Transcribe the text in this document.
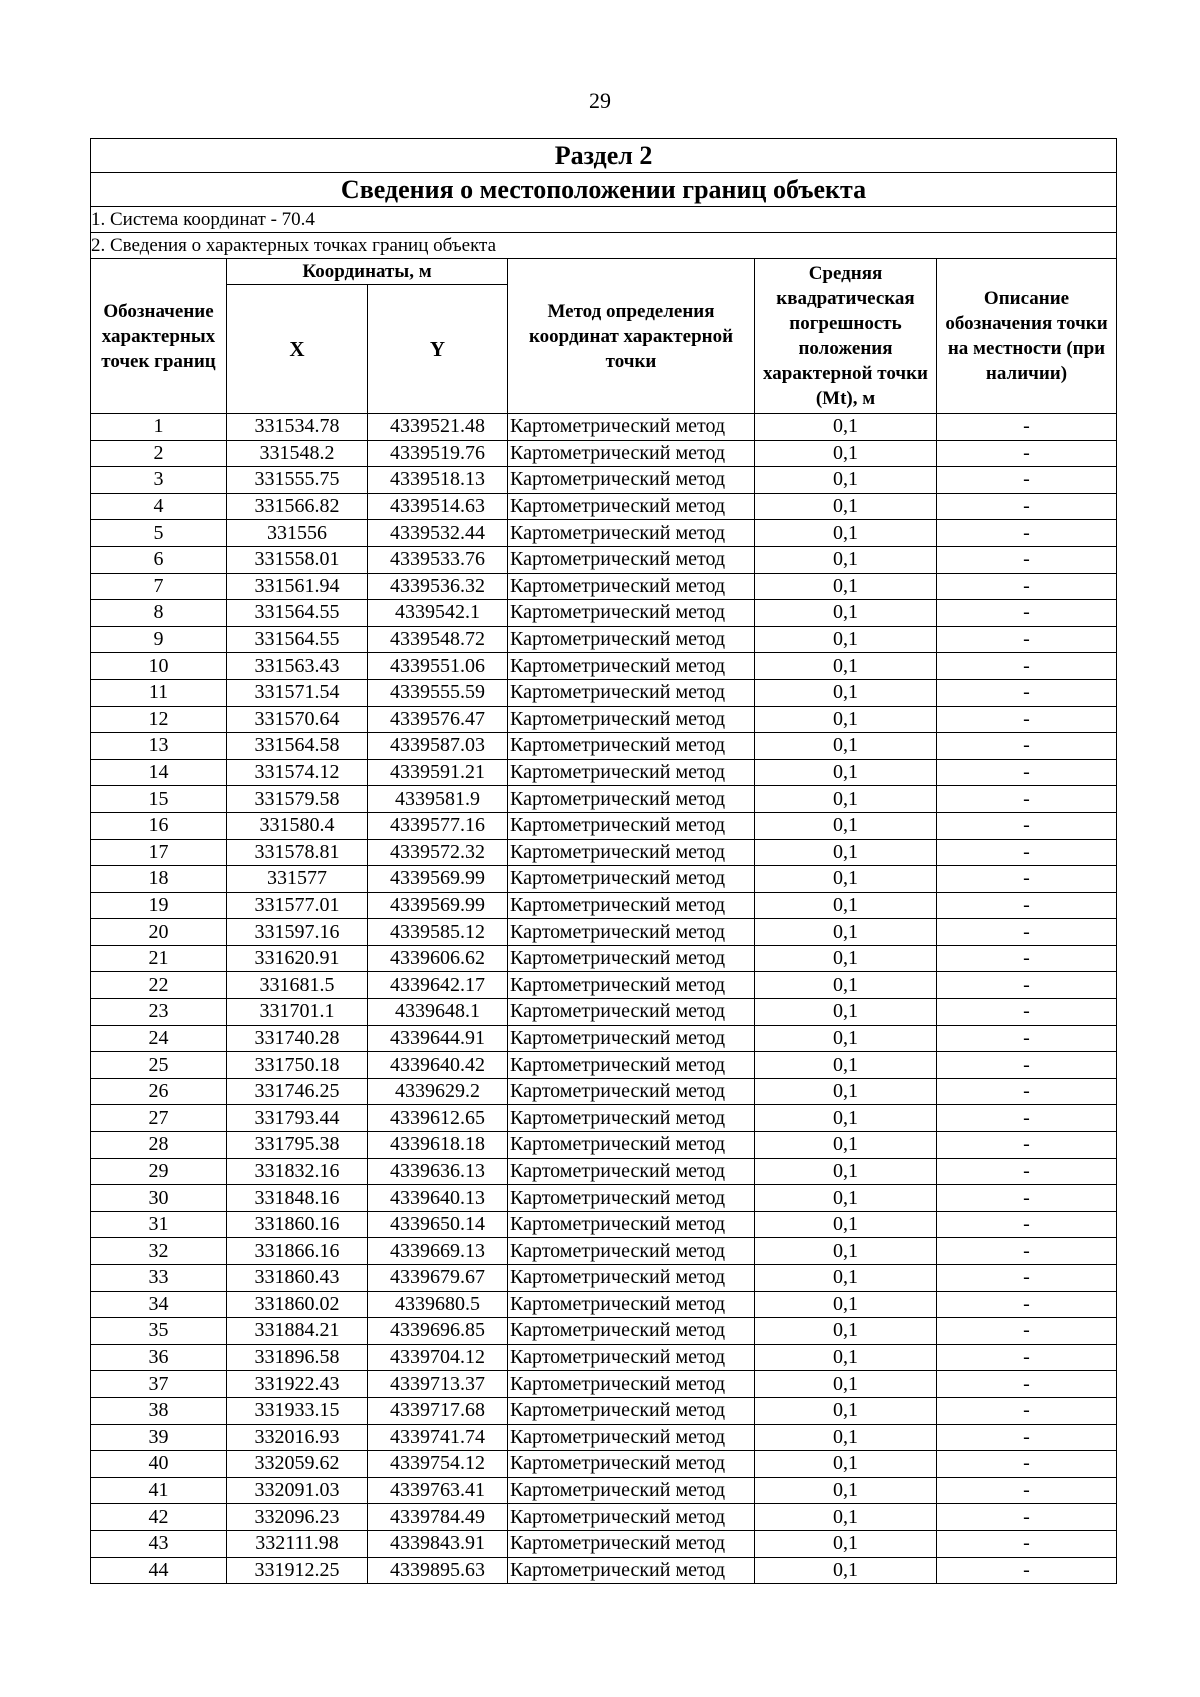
29
Раздел 2					
Сведения о местоположении границ объекта					
1. Система координат - 70.4					
2. Сведения о характерных точках границ объекта					
Обозначение характерных точек границ	Координаты, м		Метод определения координат характерной точки	Средняя квадратическая погрешность положения характерной точки (Mt), м	Описание обозначения точки на местности (при наличии)
	X	Y			
1	331534.78	4339521.48	Картометрический метод	0,1	-
2	331548.2	4339519.76	Картометрический метод	0,1	-
3	331555.75	4339518.13	Картометрический метод	0,1	-
4	331566.82	4339514.63	Картометрический метод	0,1	-
5	331556	4339532.44	Картометрический метод	0,1	-
6	331558.01	4339533.76	Картометрический метод	0,1	-
7	331561.94	4339536.32	Картометрический метод	0,1	-
8	331564.55	4339542.1	Картометрический метод	0,1	-
9	331564.55	4339548.72	Картометрический метод	0,1	-
10	331563.43	4339551.06	Картометрический метод	0,1	-
11	331571.54	4339555.59	Картометрический метод	0,1	-
12	331570.64	4339576.47	Картометрический метод	0,1	-
13	331564.58	4339587.03	Картометрический метод	0,1	-
14	331574.12	4339591.21	Картометрический метод	0,1	-
15	331579.58	4339581.9	Картометрический метод	0,1	-
16	331580.4	4339577.16	Картометрический метод	0,1	-
17	331578.81	4339572.32	Картометрический метод	0,1	-
18	331577	4339569.99	Картометрический метод	0,1	-
19	331577.01	4339569.99	Картометрический метод	0,1	-
20	331597.16	4339585.12	Картометрический метод	0,1	-
21	331620.91	4339606.62	Картометрический метод	0,1	-
22	331681.5	4339642.17	Картометрический метод	0,1	-
23	331701.1	4339648.1	Картометрический метод	0,1	-
24	331740.28	4339644.91	Картометрический метод	0,1	-
25	331750.18	4339640.42	Картометрический метод	0,1	-
26	331746.25	4339629.2	Картометрический метод	0,1	-
27	331793.44	4339612.65	Картометрический метод	0,1	-
28	331795.38	4339618.18	Картометрический метод	0,1	-
29	331832.16	4339636.13	Картометрический метод	0,1	-
30	331848.16	4339640.13	Картометрический метод	0,1	-
31	331860.16	4339650.14	Картометрический метод	0,1	-
32	331866.16	4339669.13	Картометрический метод	0,1	-
33	331860.43	4339679.67	Картометрический метод	0,1	-
34	331860.02	4339680.5	Картометрический метод	0,1	-
35	331884.21	4339696.85	Картометрический метод	0,1	-
36	331896.58	4339704.12	Картометрический метод	0,1	-
37	331922.43	4339713.37	Картометрический метод	0,1	-
38	331933.15	4339717.68	Картометрический метод	0,1	-
39	332016.93	4339741.74	Картометрический метод	0,1	-
40	332059.62	4339754.12	Картометрический метод	0,1	-
41	332091.03	4339763.41	Картометрический метод	0,1	-
42	332096.23	4339784.49	Картометрический метод	0,1	-
43	332111.98	4339843.91	Картометрический метод	0,1	-
44	331912.25	4339895.63	Картометрический метод	0,1	-
